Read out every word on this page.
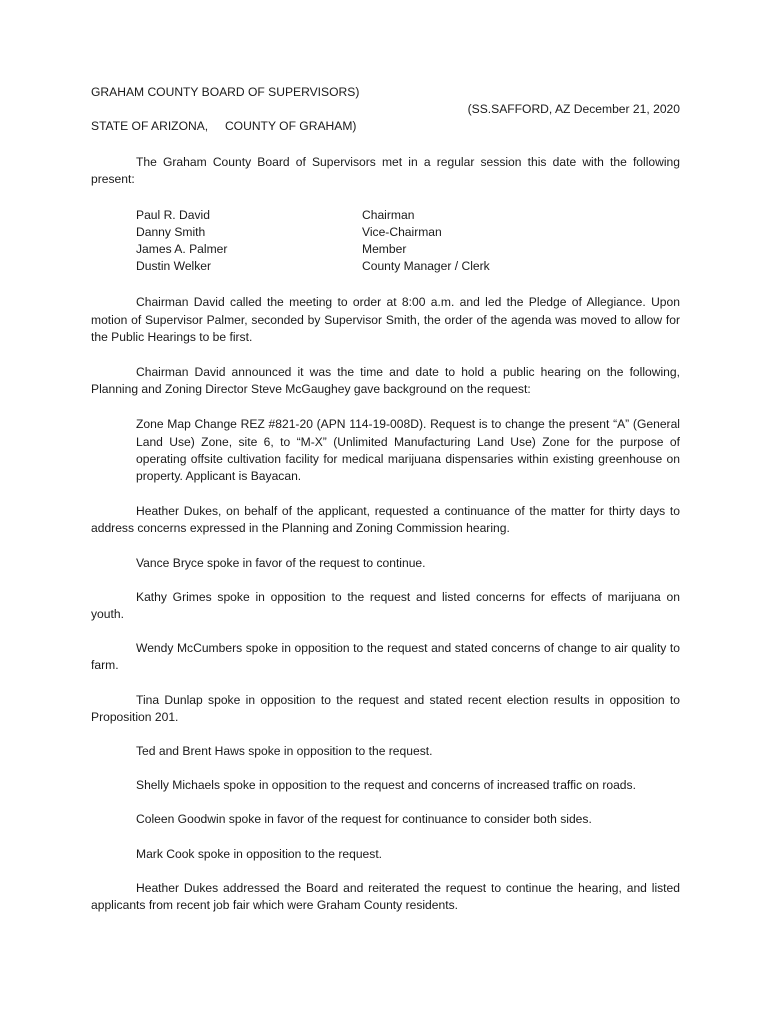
GRAHAM COUNTY BOARD OF SUPERVISORS)
(SS.SAFFORD, AZ December 21, 2020
STATE OF ARIZONA, COUNTY OF GRAHAM)

The Graham County Board of Supervisors met in a regular session this date with the following present:

Paul R. David	Chairman
Danny Smith	Vice-Chairman
James A. Palmer	Member
Dustin Welker	County Manager / Clerk

Chairman David called the meeting to order at 8:00 a.m. and led the Pledge of Allegiance. Upon motion of Supervisor Palmer, seconded by Supervisor Smith, the order of the agenda was moved to allow for the Public Hearings to be first.

Chairman David announced it was the time and date to hold a public hearing on the following, Planning and Zoning Director Steve McGaughey gave background on the request:

Zone Map Change REZ #821-20 (APN 114-19-008D). Request is to change the present “A” (General Land Use) Zone, site 6, to “M-X” (Unlimited Manufacturing Land Use) Zone for the purpose of operating offsite cultivation facility for medical marijuana dispensaries within existing greenhouse on property. Applicant is Bayacan.

Heather Dukes, on behalf of the applicant, requested a continuance of the matter for thirty days to address concerns expressed in the Planning and Zoning Commission hearing.

Vance Bryce spoke in favor of the request to continue.

Kathy Grimes spoke in opposition to the request and listed concerns for effects of marijuana on youth.

Wendy McCumbers spoke in opposition to the request and stated concerns of change to air quality to farm.

Tina Dunlap spoke in opposition to the request and stated recent election results in opposition to Proposition 201.

Ted and Brent Haws spoke in opposition to the request.

Shelly Michaels spoke in opposition to the request and concerns of increased traffic on roads.

Coleen Goodwin spoke in favor of the request for continuance to consider both sides.

Mark Cook spoke in opposition to the request.

Heather Dukes addressed the Board and reiterated the request to continue the hearing, and listed applicants from recent job fair which were Graham County residents.
